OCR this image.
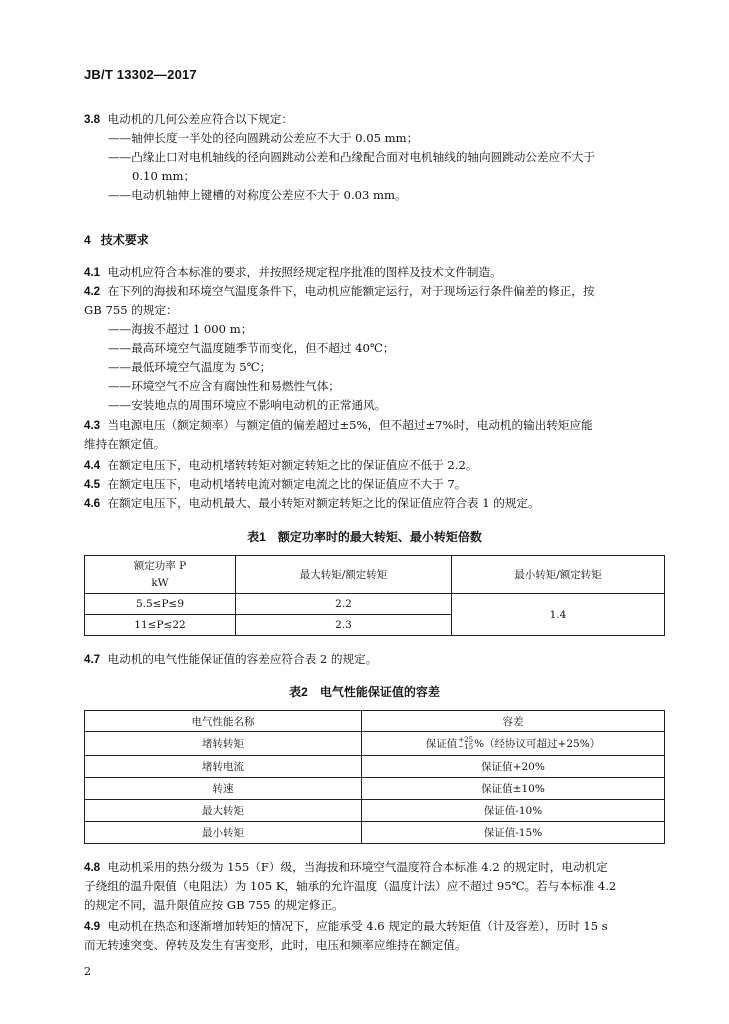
JB/T 13302—2017
3.8 电动机的几何公差应符合以下规定：
——轴伸长度一半处的径向圆跳动公差应不大于 0.05 mm；
——凸缘止口对电机轴线的径向圆跳动公差和凸缘配合面对电机轴线的轴向圆跳动公差应不大于
0.10 mm；
——电动机轴伸上键槽的对称度公差应不大于 0.03 mm。
4 技术要求
4.1 电动机应符合本标准的要求，并按照经规定程序批准的图样及技术文件制造。
4.2 在下列的海拔和环境空气温度条件下，电动机应能额定运行，对于现场运行条件偏差的修正，按
GB 755 的规定：
——海拔不超过 1 000 m；
——最高环境空气温度随季节而变化，但不超过 40℃；
——最低环境空气温度为 5℃；
——环境空气不应含有腐蚀性和易燃性气体；
——安装地点的周围环境应不影响电动机的正常通风。
4.3 当电源电压（额定频率）与额定值的偏差超过±5%，但不超过±7%时，电动机的输出转矩应能
维持在额定值。
4.4 在额定电压下，电动机堵转转矩对额定转矩之比的保证值应不低于 2.2。
4.5 在额定电压下，电动机堵转电流对额定电流之比的保证值应不大于 7。
4.6 在额定电压下，电动机最大、最小转矩对额定转矩之比的保证值应符合表 1 的规定。
表1　额定功率时的最大转矩、最小转矩倍数
额定功率 P
kW	最大转矩/额定转矩	最小转矩/额定转矩
5.5≤P≤9	2.2	1.4
11≤P≤22	2.3	
4.7 电动机的电气性能保证值的容差应符合表 2 的规定。
表2　电气性能保证值的容差
电气性能名称	容差
堵转转矩	保证值+25
−15%（经协议可超过+25%）
堵转电流	保证值+20%
转速	保证值±10%
最大转矩	保证值-10%
最小转矩	保证值-15%
4.8 电动机采用的热分级为 155（F）级，当海拔和环境空气温度符合本标准 4.2 的规定时，电动机定
子绕组的温升限值（电阻法）为 105 K，轴承的允许温度（温度计法）应不超过 95℃。若与本标准 4.2
的规定不同，温升限值应按 GB 755 的规定修正。
4.9 电动机在热态和逐渐增加转矩的情况下，应能承受 4.6 规定的最大转矩值（计及容差），历时 15 s
而无转速突变、停转及发生有害变形，此时，电压和频率应维持在额定值。
2
